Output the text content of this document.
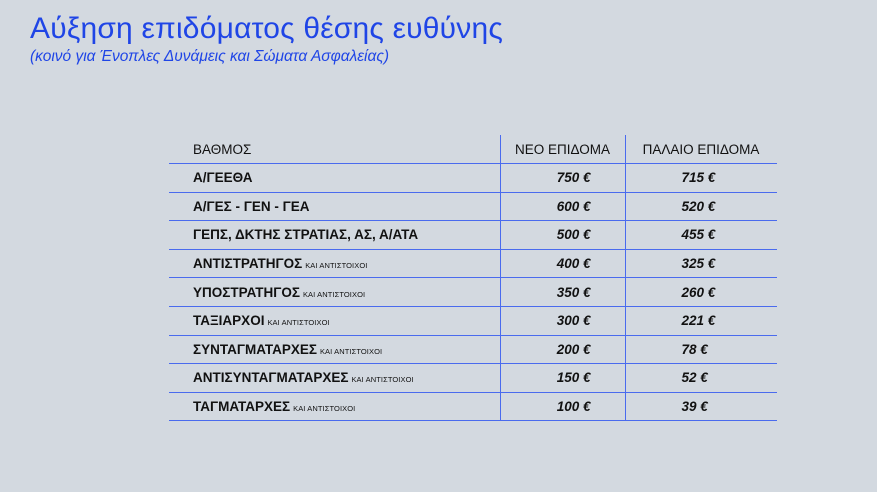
Αύξηση επιδόματος θέσης ευθύνης
(κοινό για Ένοπλες Δυνάμεις και Σώματα Ασφαλείας)
ΒΑΘΜΟΣ	ΝΕΟ ΕΠΙΔΟΜΑ	ΠΑΛΑΙΟ ΕΠΙΔΟΜΑ
Α/ΓΕΕΘΑ	750 €	715 €
Α/ΓΕΣ - ΓΕΝ - ΓΕΑ	600 €	520 €
ΓΕΠΣ, ΔΚΤΗΣ ΣΤΡΑΤΙΑΣ, ΑΣ, Α/ΑΤΑ	500 €	455 €
ΑΝΤΙΣΤΡΑΤΗΓΟΣ ΚΑΙ ΑΝΤΙΣΤΟΙΧΟΙ	400 €	325 €
ΥΠΟΣΤΡΑΤΗΓΟΣ ΚΑΙ ΑΝΤΙΣΤΟΙΧΟΙ	350 €	260 €
ΤΑΞΙΑΡΧΟΙ ΚΑΙ ΑΝΤΙΣΤΟΙΧΟΙ	300 €	221 €
ΣΥΝΤΑΓΜΑΤΑΡΧΕΣ ΚΑΙ ΑΝΤΙΣΤΟΙΧΟΙ	200 €	78 €
ΑΝΤΙΣΥΝΤΑΓΜΑΤΑΡΧΕΣ ΚΑΙ ΑΝΤΙΣΤΟΙΧΟΙ	150 €	52 €
ΤΑΓΜΑΤΑΡΧΕΣ ΚΑΙ ΑΝΤΙΣΤΟΙΧΟΙ	100 €	39 €
